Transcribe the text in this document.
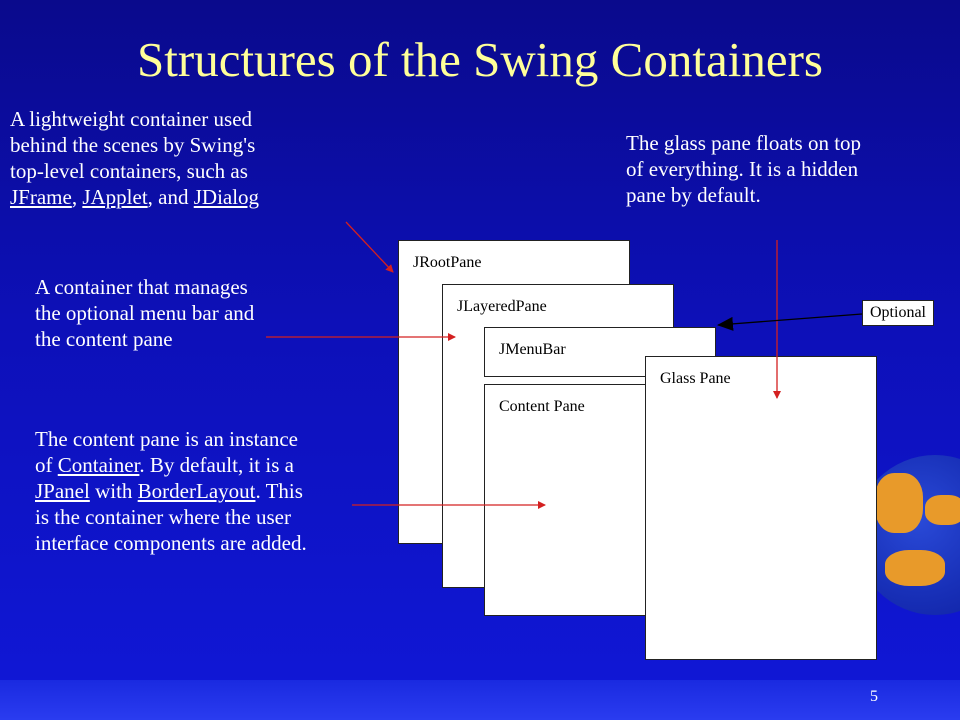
Structures of the Swing Containers
A lightweight container used
behind the scenes by Swing's
top-level containers, such as
JFrame, JApplet, and JDialog
A container that manages
the optional menu bar and
the content pane
The content pane is an instance
of Container. By default, it is a
JPanel with BorderLayout. This
is the container where the user
interface components are added.
The glass pane floats on top
of everything. It is a hidden
pane by default.
JRootPane
JLayeredPane
JMenuBar
Content Pane
Glass Pane
Optional
5
